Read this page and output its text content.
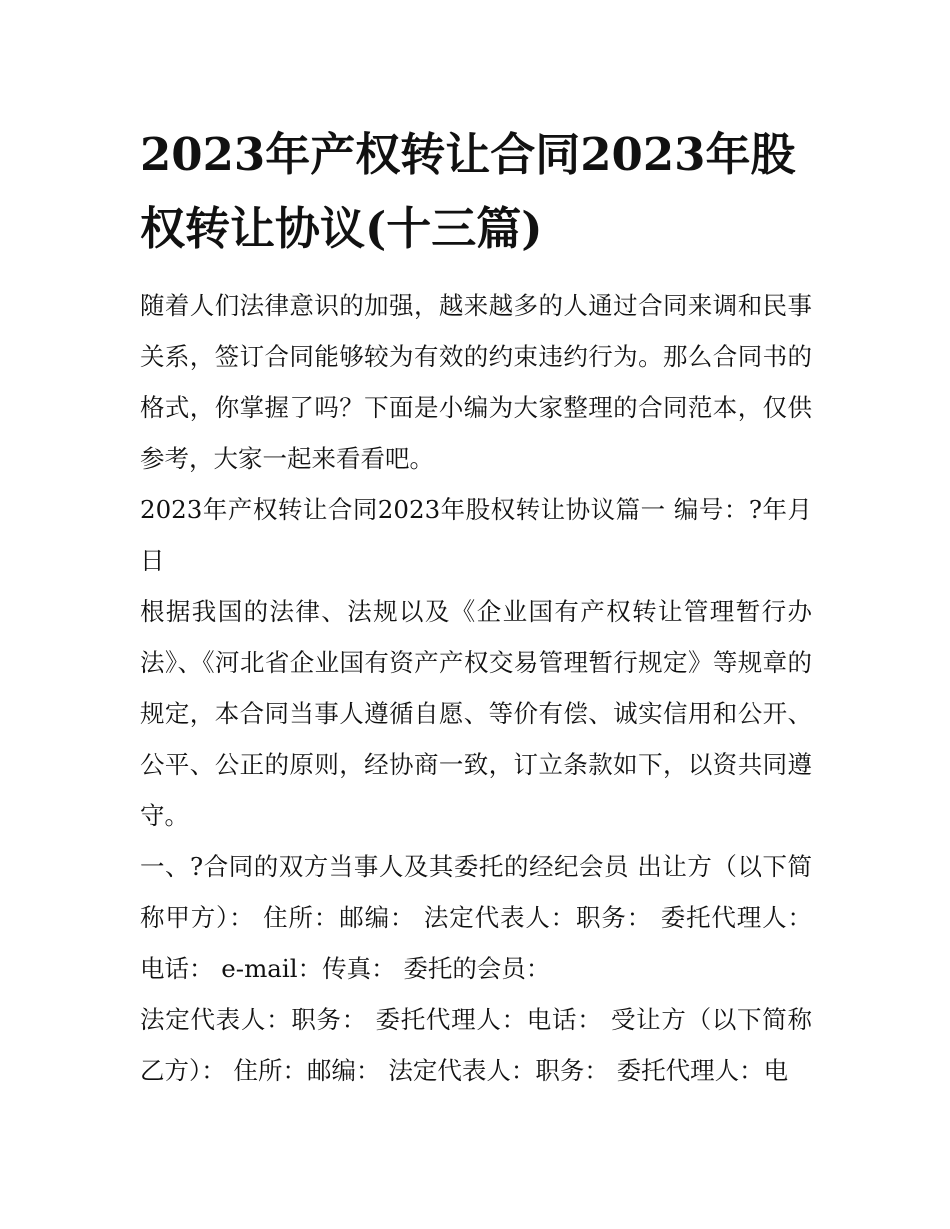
2023年产权转让合同2023年股权转让协议(十三篇)

随着人们法律意识的加强，越来越多的人通过合同来调和民事关系，签订合同能够较为有效的约束违约行为。那么合同书的格式，你掌握了吗？下面是小编为大家整理的合同范本，仅供参考，大家一起来看看吧。

2023年产权转让合同2023年股权转让协议篇一 编号：?年月日

根据我国的法律、法规以及《企业国有产权转让管理暂行办法》、《河北省企业国有资产产权交易管理暂行规定》等规章的规定，本合同当事人遵循自愿、等价有偿、诚实信用和公开、公平、公正的原则，经协商一致，订立条款如下，以资共同遵守。

一、?合同的双方当事人及其委托的经纪会员 出让方（以下简称甲方）： 住所：邮编： 法定代表人：职务： 委托代理人：电话： e-mail：传真： 委托的会员：

法定代表人：职务： 委托代理人：电话： 受让方（以下简称乙方）： 住所：邮编： 法定代表人：职务： 委托代理人：电
